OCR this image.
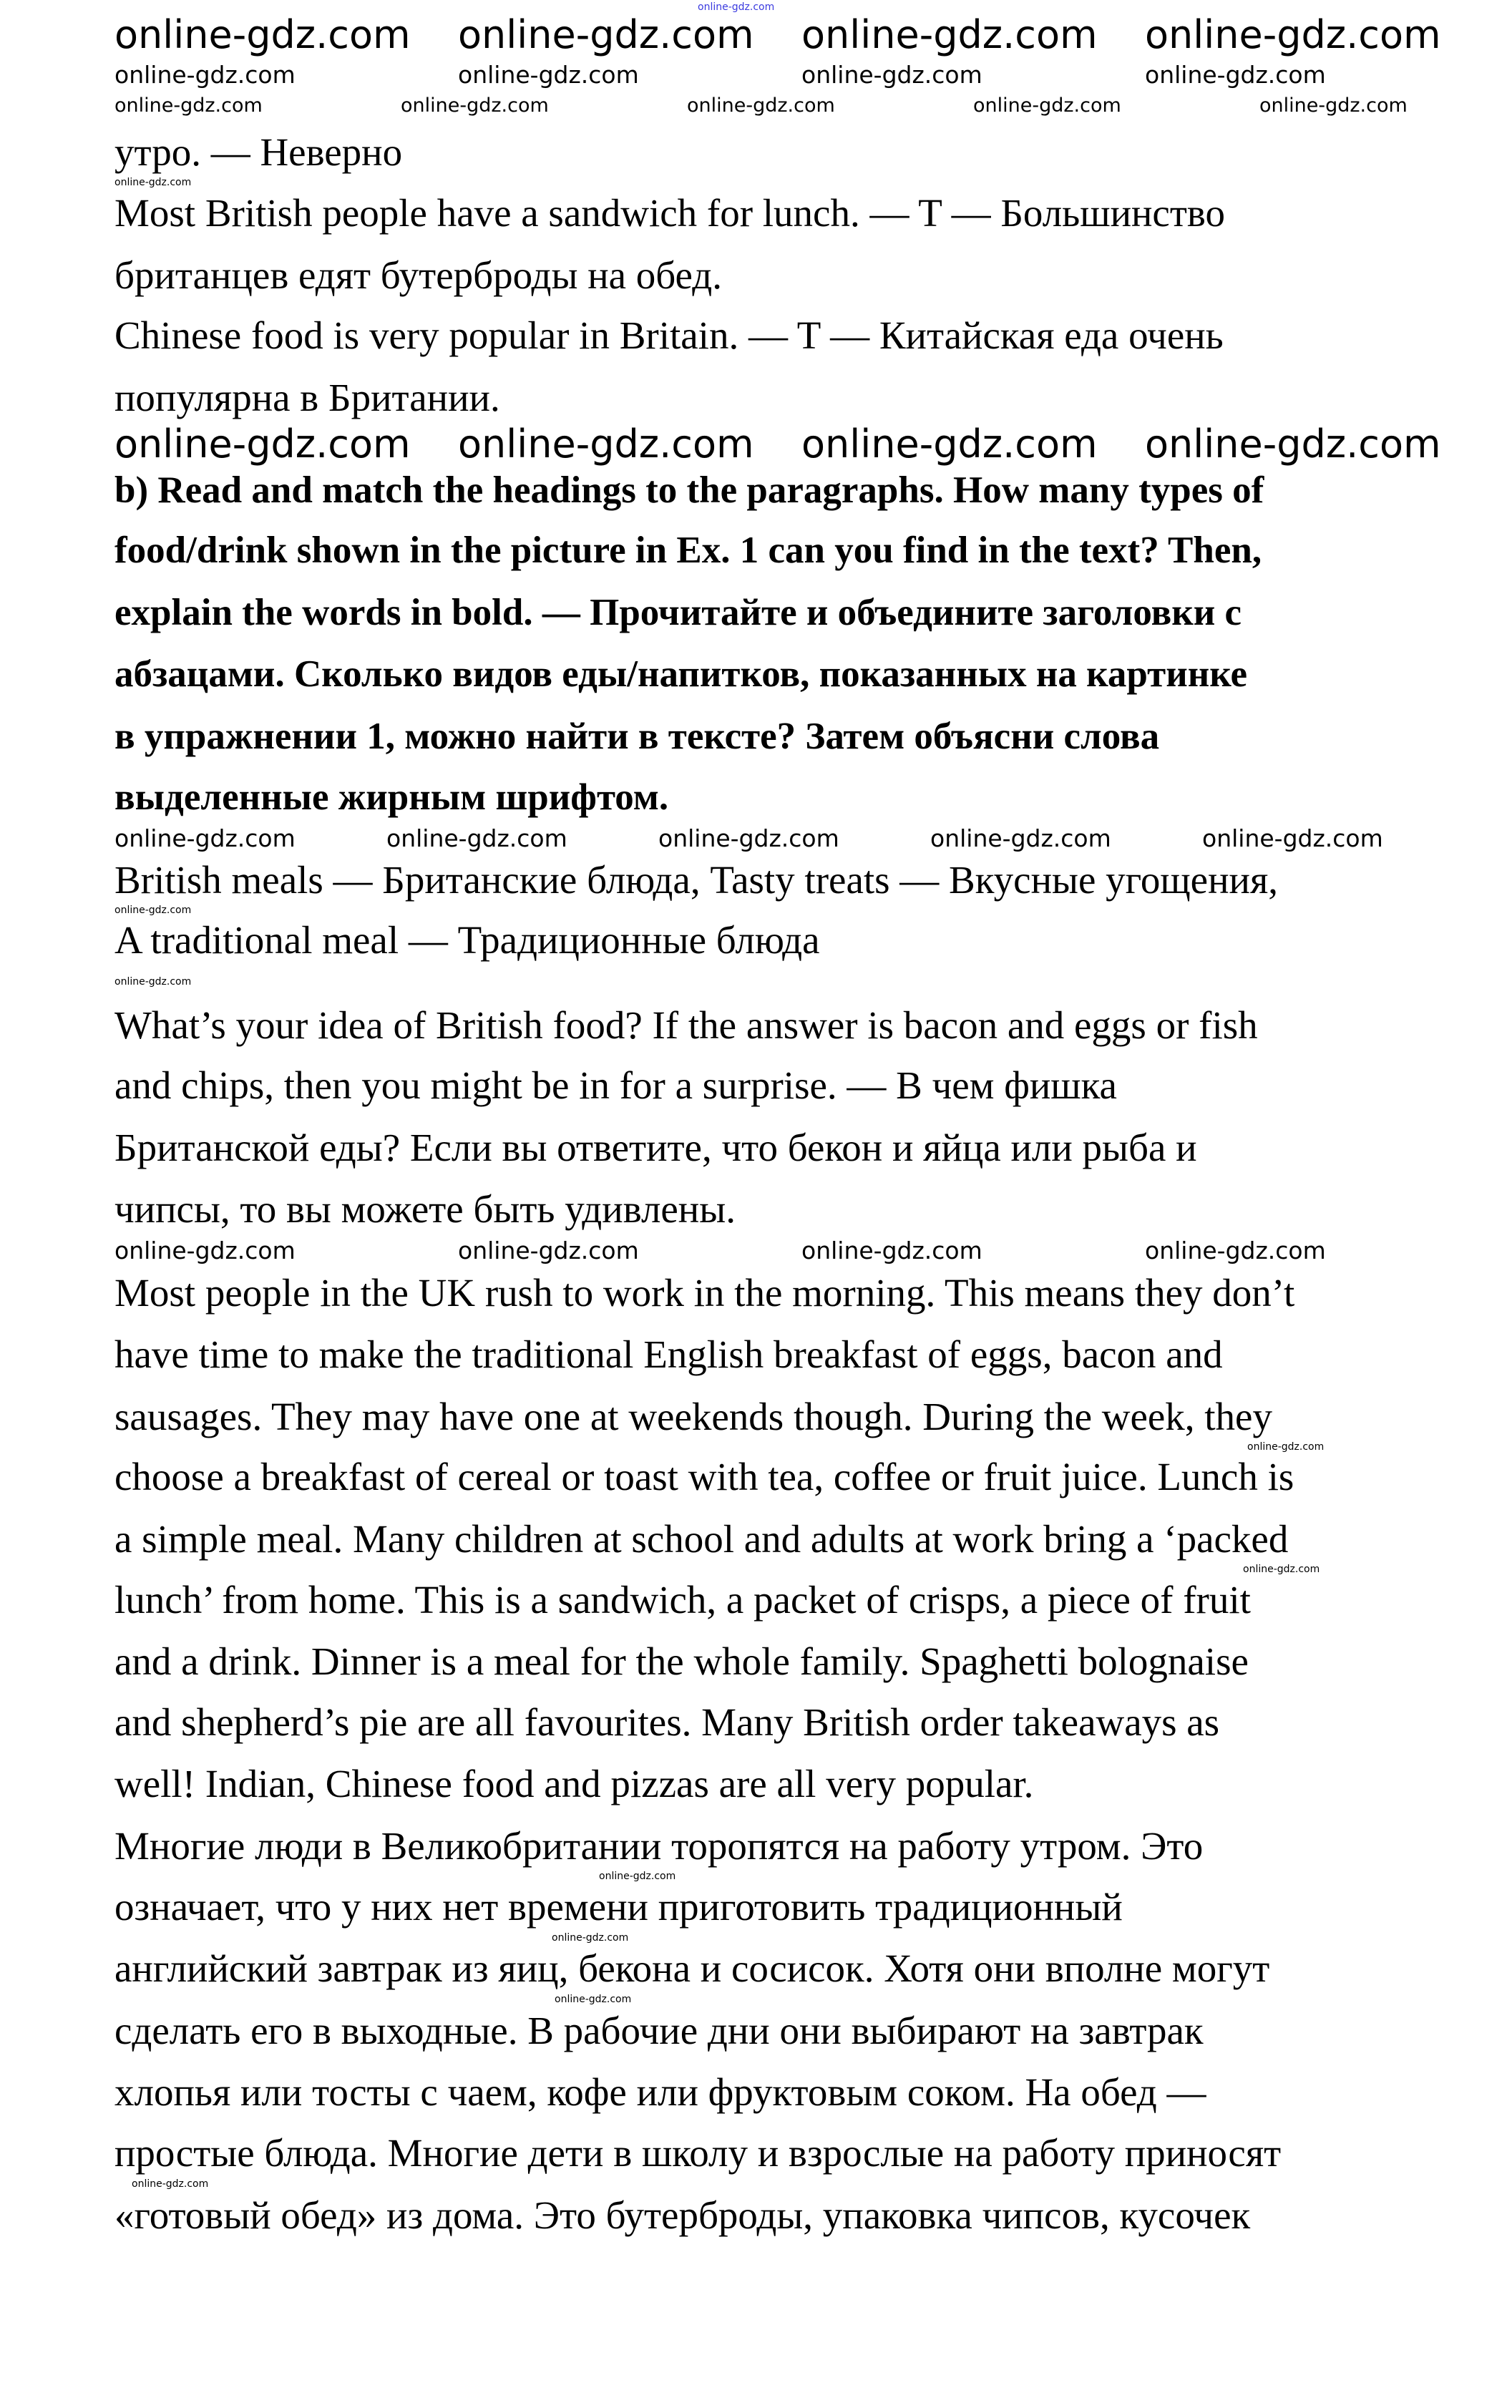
утро. — Неверно
Most British people have a sandwich for lunch. — T — Большинство
британцев едят бутерброды на обед.
Chinese food is very popular in Britain. — T — Китайская еда очень
популярна в Британии.
b) Read and match the headings to the paragraphs. How many types of
food/drink shown in the picture in Ex. 1 can you find in the text? Then,
explain the words in bold. — Прочитайте и объедините заголовки с
абзацами. Сколько видов еды/напитков, показанных на картинке
в упражнении 1, можно найти в тексте? Затем объясни слова
выделенные жирным шрифтом.
British meals — Британские блюда, Tasty treats — Вкусные угощения,
A traditional meal — Традиционные блюда
What’s your idea of British food? If the answer is bacon and eggs or fish
and chips, then you might be in for a surprise. — В чем фишка
Британской еды? Если вы ответите, что бекон и яйца или рыба и
чипсы, то вы можете быть удивлены.
Most people in the UK rush to work in the morning. This means they don’t
have time to make the traditional English breakfast of eggs, bacon and
sausages. They may have one at weekends though. During the week, they
choose a breakfast of cereal or toast with tea, coffee or fruit juice. Lunch is
a simple meal. Many children at school and adults at work bring a ‘packed
lunch’ from home. This is a sandwich, a packet of crisps, a piece of fruit
and a drink. Dinner is a meal for the whole family. Spaghetti bolognaise
and shepherd’s pie are all favourites. Many British order takeaways as
well! Indian, Chinese food and pizzas are all very popular.
Многие люди в Великобритании торопятся на работу утром. Это
означает, что у них нет времени приготовить традиционный
английский завтрак из яиц, бекона и сосисок. Хотя они вполне могут
сделать его в выходные. В рабочие дни они выбирают на завтрак
хлопья или тосты с чаем, кофе или фруктовым соком. На обед —
простые блюда. Многие дети в школу и взрослые на работу приносят
«готовый обед» из дома. Это бутерброды, упаковка чипсов, кусочек
online-gdz.com
online-gdz.com online-gdz.com online-gdz.com online-gdz.com
online-gdz.com	online-gdz.com	online-gdz.com	online-gdz.com
online-gdz.com	online-gdz.com	online-gdz.com	online-gdz.com	online-gdz.com
online-gdz.com
online-gdz.com online-gdz.com online-gdz.com online-gdz.com
online-gdz.com	online-gdz.com	online-gdz.com	online-gdz.com	online-gdz.com
online-gdz.com
online-gdz.com
online-gdz.com	online-gdz.com	online-gdz.com	online-gdz.com
online-gdz.com
online-gdz.com
online-gdz.com
online-gdz.com
online-gdz.com
online-gdz.com
